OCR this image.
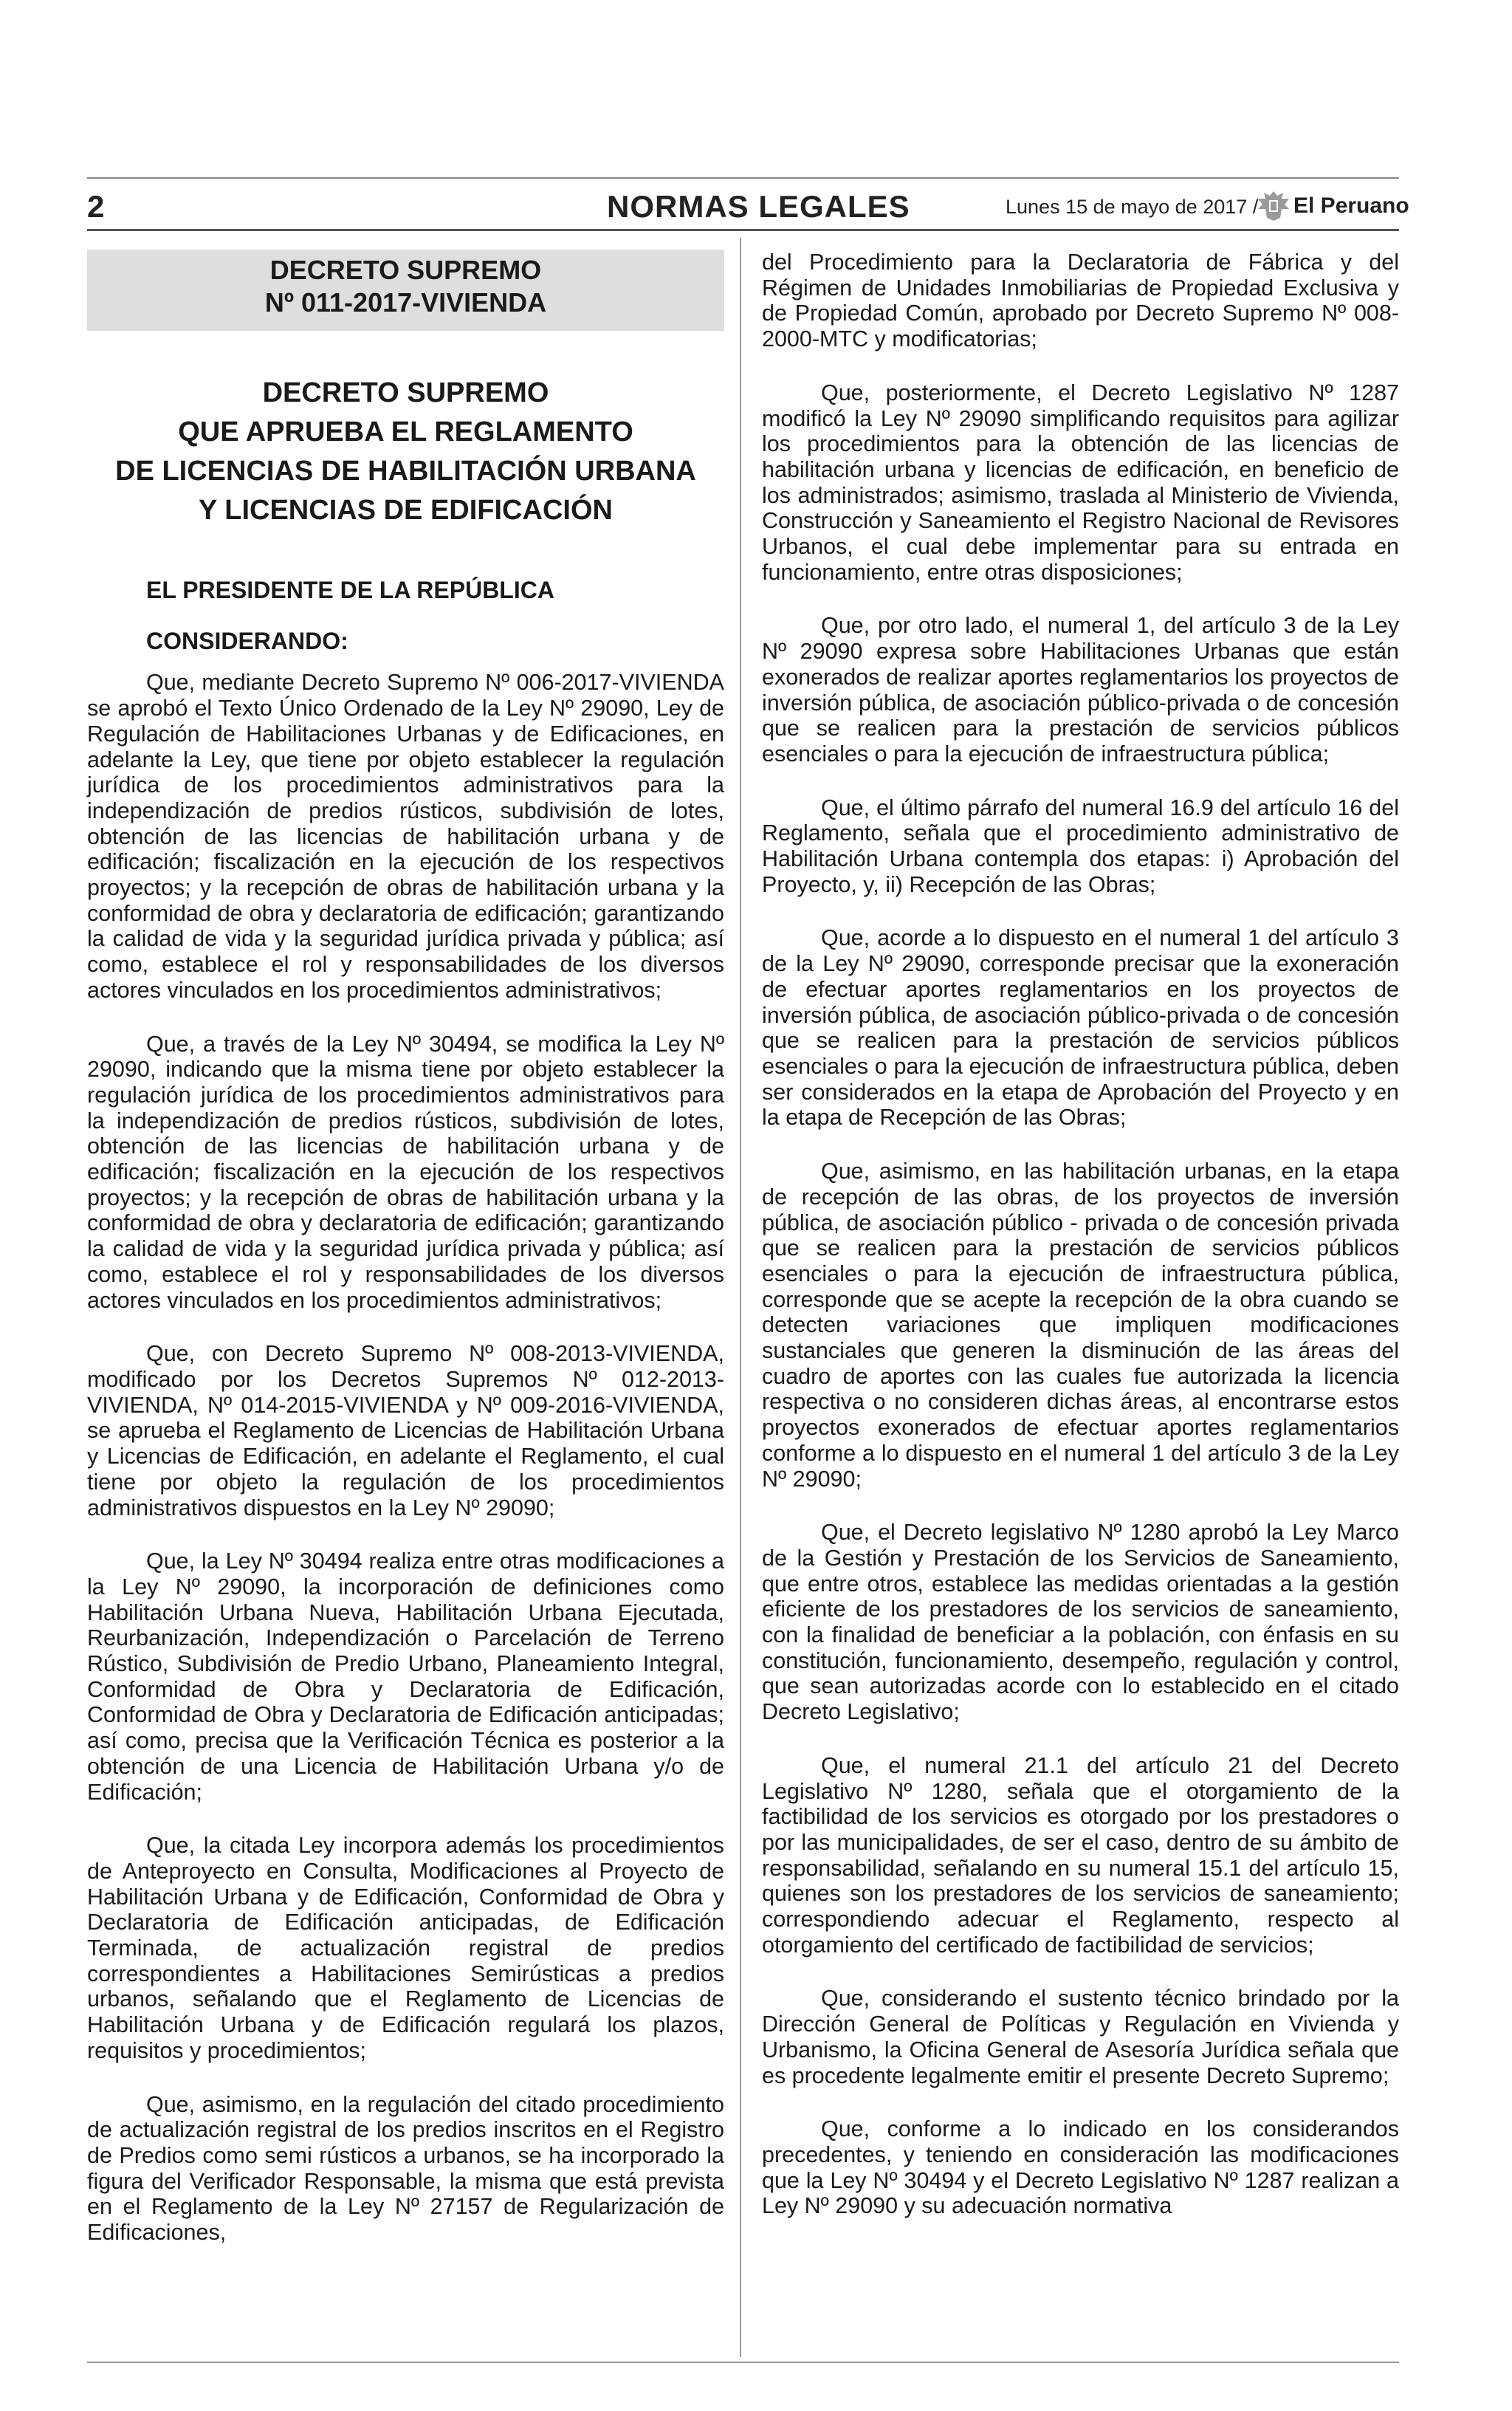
2	NORMAS LEGALES	Lunes 15 de mayo de 2017 / El Peruano
DECRETO SUPREMO
Nº 011-2017-VIVIENDA
DECRETO SUPREMO
QUE APRUEBA EL REGLAMENTO
DE LICENCIAS DE HABILITACIÓN URBANA
Y LICENCIAS DE EDIFICACIÓN
EL PRESIDENTE DE LA REPÚBLICA
CONSIDERANDO:

Que, mediante Decreto Supremo Nº 006-2017-VIVIENDA se aprobó el Texto Único Ordenado de la Ley Nº 29090, Ley de Regulación de Habilitaciones Urbanas y de Edificaciones, en adelante la Ley, que tiene por objeto establecer la regulación jurídica de los procedimientos administrativos para la independización de predios rústicos, subdivisión de lotes, obtención de las licencias de habilitación urbana y de edificación; fiscalización en la ejecución de los respectivos proyectos; y la recepción de obras de habilitación urbana y la conformidad de obra y declaratoria de edificación; garantizando la calidad de vida y la seguridad jurídica privada y pública; así como, establece el rol y responsabilidades de los diversos actores vinculados en los procedimientos administrativos;

Que, a través de la Ley Nº 30494, se modifica la Ley Nº 29090, indicando que la misma tiene por objeto establecer la regulación jurídica de los procedimientos administrativos para la independización de predios rústicos, subdivisión de lotes, obtención de las licencias de habilitación urbana y de edificación; fiscalización en la ejecución de los respectivos proyectos; y la recepción de obras de habilitación urbana y la conformidad de obra y declaratoria de edificación; garantizando la calidad de vida y la seguridad jurídica privada y pública; así como, establece el rol y responsabilidades de los diversos actores vinculados en los procedimientos administrativos;

Que, con Decreto Supremo Nº 008-2013-VIVIENDA, modificado por los Decretos Supremos Nº 012-2013-VIVIENDA, Nº 014-2015-VIVIENDA y Nº 009-2016-VIVIENDA, se aprueba el Reglamento de Licencias de Habilitación Urbana y Licencias de Edificación, en adelante el Reglamento, el cual tiene por objeto la regulación de los procedimientos administrativos dispuestos en la Ley Nº 29090;

Que, la Ley Nº 30494 realiza entre otras modificaciones a la Ley Nº 29090, la incorporación de definiciones como Habilitación Urbana Nueva, Habilitación Urbana Ejecutada, Reurbanización, Independización o Parcelación de Terreno Rústico, Subdivisión de Predio Urbano, Planeamiento Integral, Conformidad de Obra y Declaratoria de Edificación, Conformidad de Obra y Declaratoria de Edificación anticipadas; así como, precisa que la Verificación Técnica es posterior a la obtención de una Licencia de Habilitación Urbana y/o de Edificación;

Que, la citada Ley incorpora además los procedimientos de Anteproyecto en Consulta, Modificaciones al Proyecto de Habilitación Urbana y de Edificación, Conformidad de Obra y Declaratoria de Edificación anticipadas, de Edificación Terminada, de actualización registral de predios correspondientes a Habilitaciones Semirústicas a predios urbanos, señalando que el Reglamento de Licencias de Habilitación Urbana y de Edificación regulará los plazos, requisitos y procedimientos;

Que, asimismo, en la regulación del citado procedimiento de actualización registral de los predios inscritos en el Registro de Predios como semi rústicos a urbanos, se ha incorporado la figura del Verificador Responsable, la misma que está prevista en el Reglamento de la Ley Nº 27157 de Regularización de Edificaciones,

del Procedimiento para la Declaratoria de Fábrica y del Régimen de Unidades Inmobiliarias de Propiedad Exclusiva y de Propiedad Común, aprobado por Decreto Supremo Nº 008-2000-MTC y modificatorias;

Que, posteriormente, el Decreto Legislativo Nº 1287 modificó la Ley Nº 29090 simplificando requisitos para agilizar los procedimientos para la obtención de las licencias de habilitación urbana y licencias de edificación, en beneficio de los administrados; asimismo, traslada al Ministerio de Vivienda, Construcción y Saneamiento el Registro Nacional de Revisores Urbanos, el cual debe implementar para su entrada en funcionamiento, entre otras disposiciones;

Que, por otro lado, el numeral 1, del artículo 3 de la Ley Nº 29090 expresa sobre Habilitaciones Urbanas que están exonerados de realizar aportes reglamentarios los proyectos de inversión pública, de asociación público-privada o de concesión que se realicen para la prestación de servicios públicos esenciales o para la ejecución de infraestructura pública;

Que, el último párrafo del numeral 16.9 del artículo 16 del Reglamento, señala que el procedimiento administrativo de Habilitación Urbana contempla dos etapas: i) Aprobación del Proyecto, y, ii) Recepción de las Obras;

Que, acorde a lo dispuesto en el numeral 1 del artículo 3 de la Ley Nº 29090, corresponde precisar que la exoneración de efectuar aportes reglamentarios en los proyectos de inversión pública, de asociación público-privada o de concesión que se realicen para la prestación de servicios públicos esenciales o para la ejecución de infraestructura pública, deben ser considerados en la etapa de Aprobación del Proyecto y en la etapa de Recepción de las Obras;

Que, asimismo, en las habilitación urbanas, en la etapa de recepción de las obras, de los proyectos de inversión pública, de asociación público - privada o de concesión privada que se realicen para la prestación de servicios públicos esenciales o para la ejecución de infraestructura pública, corresponde que se acepte la recepción de la obra cuando se detecten variaciones que impliquen modificaciones sustanciales que generen la disminución de las áreas del cuadro de aportes con las cuales fue autorizada la licencia respectiva o no consideren dichas áreas, al encontrarse estos proyectos exonerados de efectuar aportes reglamentarios conforme a lo dispuesto en el numeral 1 del artículo 3 de la Ley Nº 29090;

Que, el Decreto legislativo Nº 1280 aprobó la Ley Marco de la Gestión y Prestación de los Servicios de Saneamiento, que entre otros, establece las medidas orientadas a la gestión eficiente de los prestadores de los servicios de saneamiento, con la finalidad de beneficiar a la población, con énfasis en su constitución, funcionamiento, desempeño, regulación y control, que sean autorizadas acorde con lo establecido en el citado Decreto Legislativo;

Que, el numeral 21.1 del artículo 21 del Decreto Legislativo Nº 1280, señala que el otorgamiento de la factibilidad de los servicios es otorgado por los prestadores o por las municipalidades, de ser el caso, dentro de su ámbito de responsabilidad, señalando en su numeral 15.1 del artículo 15, quienes son los prestadores de los servicios de saneamiento; correspondiendo adecuar el Reglamento, respecto al otorgamiento del certificado de factibilidad de servicios;

Que, considerando el sustento técnico brindado por la Dirección General de Políticas y Regulación en Vivienda y Urbanismo, la Oficina General de Asesoría Jurídica señala que es procedente legalmente emitir el presente Decreto Supremo;

Que, conforme a lo indicado en los considerandos precedentes, y teniendo en consideración las modificaciones que la Ley Nº 30494 y el Decreto Legislativo Nº 1287 realizan a Ley Nº 29090 y su adecuación normativa
